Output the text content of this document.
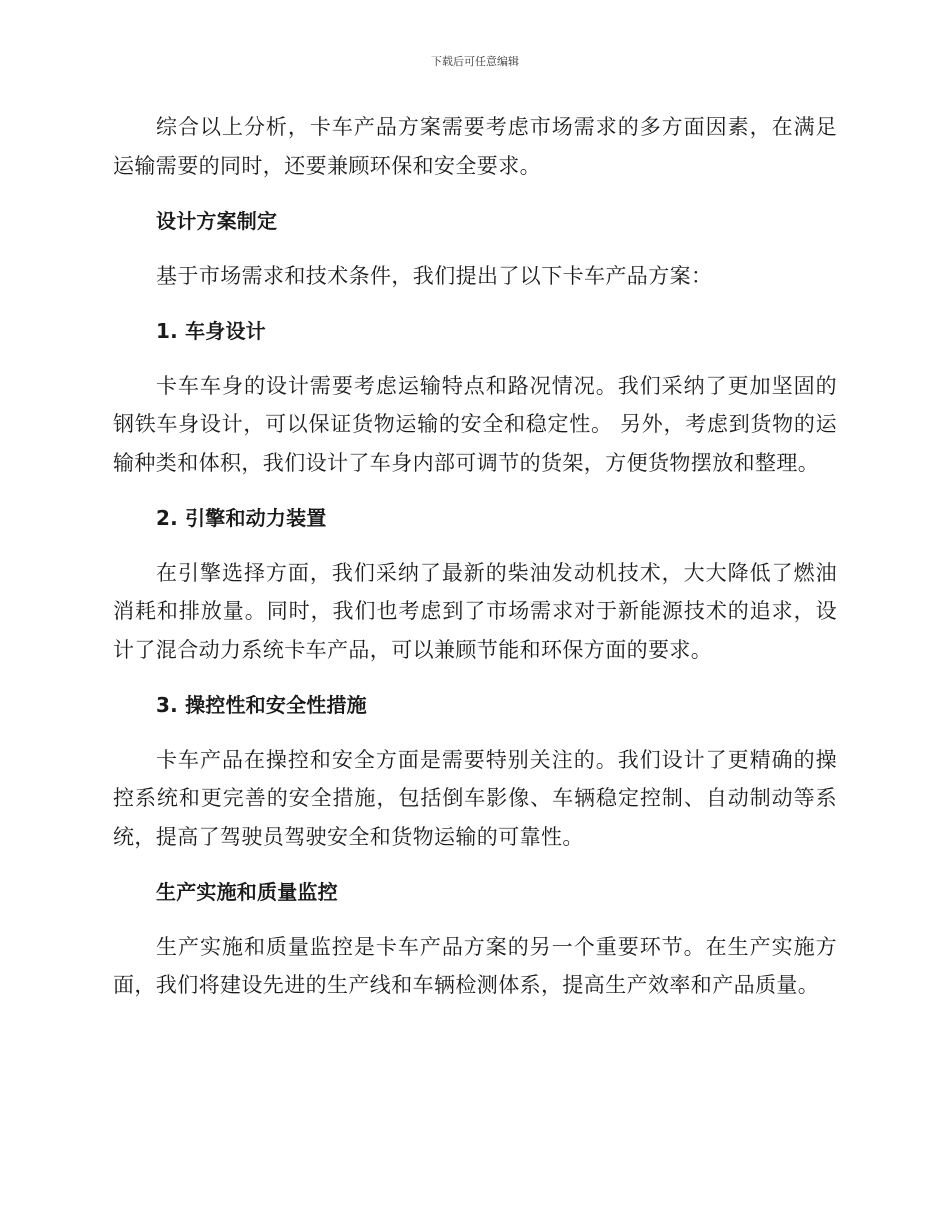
下载后可任意编辑

综合以上分析，卡车产品方案需要考虑市场需求的多方面因素，在满足运输需要的同时，还要兼顾环保和安全要求。

设计方案制定

基于市场需求和技术条件，我们提出了以下卡车产品方案：

1. 车身设计

卡车车身的设计需要考虑运输特点和路况情况。我们采纳了更加坚固的钢铁车身设计，可以保证货物运输的安全和稳定性。 另外，考虑到货物的运输种类和体积，我们设计了车身内部可调节的货架，方便货物摆放和整理。

2. 引擎和动力装置

在引擎选择方面，我们采纳了最新的柴油发动机技术，大大降低了燃油消耗和排放量。同时，我们也考虑到了市场需求对于新能源技术的追求，设计了混合动力系统卡车产品，可以兼顾节能和环保方面的要求。

3. 操控性和安全性措施

卡车产品在操控和安全方面是需要特别关注的。我们设计了更精确的操控系统和更完善的安全措施，包括倒车影像、车辆稳定控制、自动制动等系统，提高了驾驶员驾驶安全和货物运输的可靠性。

生产实施和质量监控

生产实施和质量监控是卡车产品方案的另一个重要环节。在生产实施方面，我们将建设先进的生产线和车辆检测体系，提高生产效率和产品质量。
